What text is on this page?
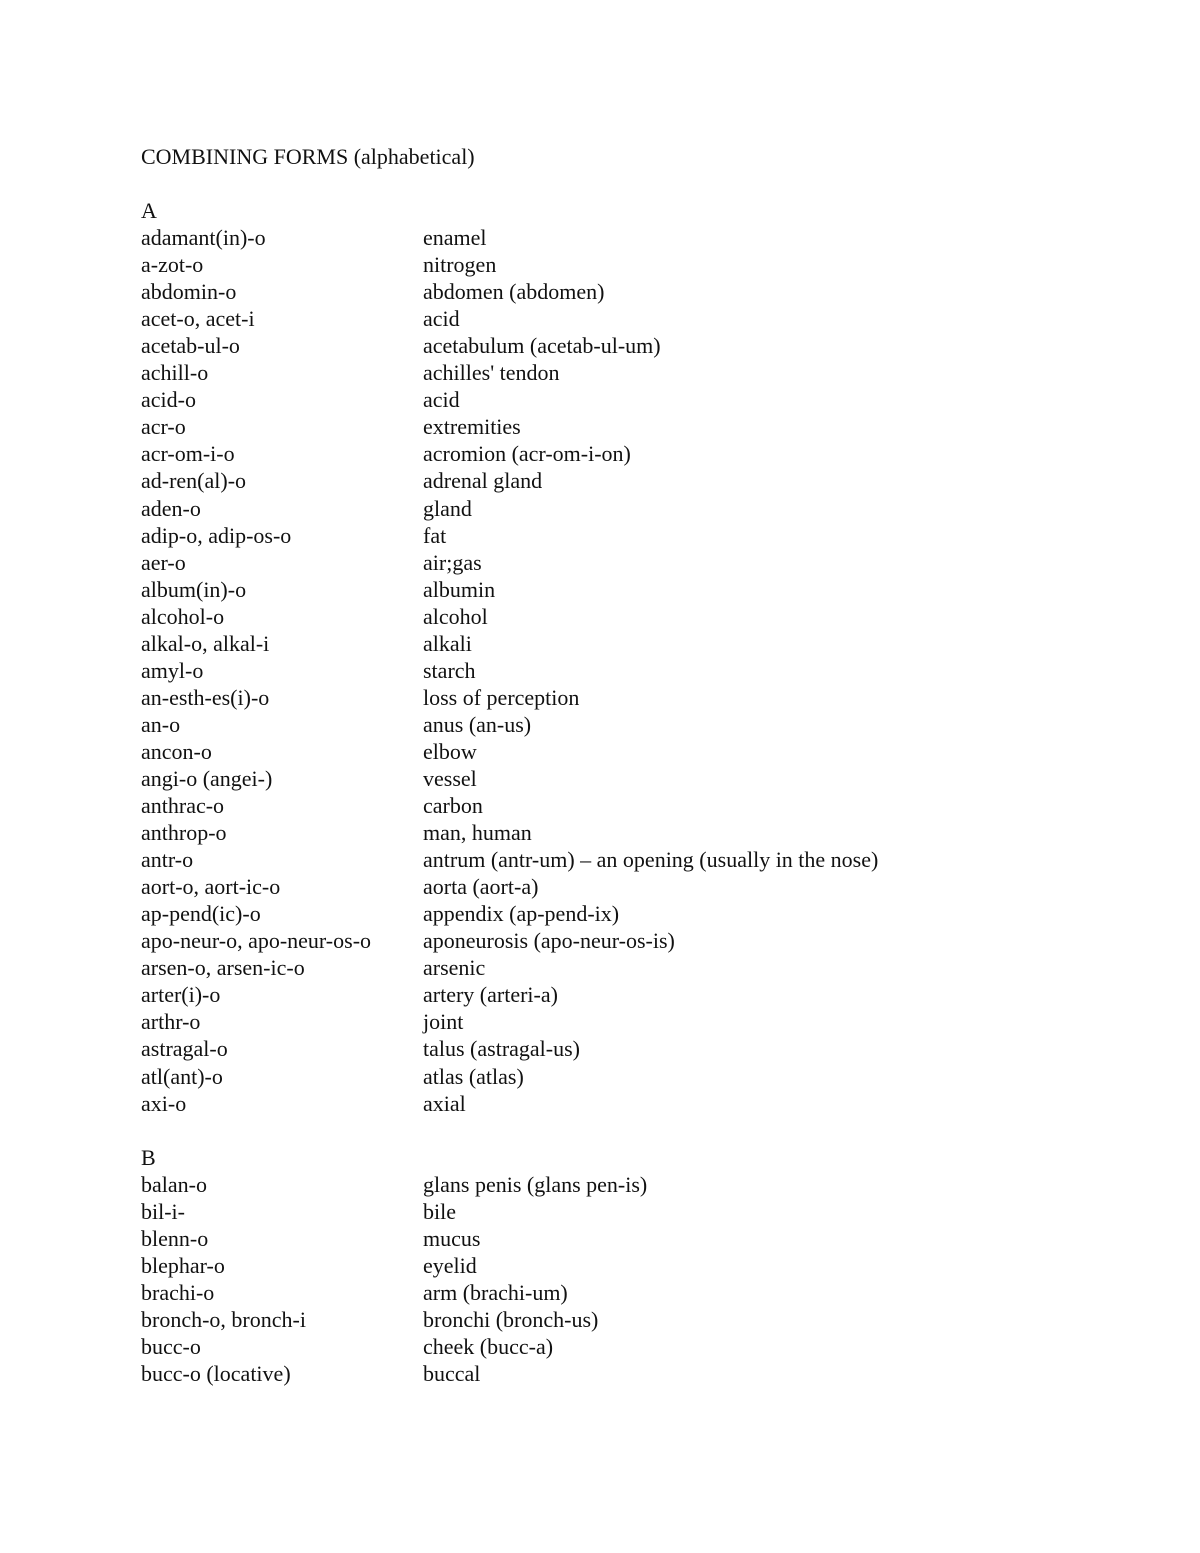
COMBINING FORMS (alphabetical)
A
adamant(in)-o	enamel
a-zot-o	nitrogen
abdomin-o	abdomen (abdomen)
acet-o, acet-i	acid
acetab-ul-o	acetabulum (acetab-ul-um)
achill-o	achilles' tendon
acid-o	acid
acr-o	extremities
acr-om-i-o	acromion (acr-om-i-on)
ad-ren(al)-o	adrenal gland
aden-o	gland
adip-o, adip-os-o	fat
aer-o	air;gas
album(in)-o	albumin
alcohol-o	alcohol
alkal-o, alkal-i	alkali
amyl-o	starch
an-esth-es(i)-o	loss of perception
an-o	anus (an-us)
ancon-o	elbow
angi-o (angei-)	vessel
anthrac-o	carbon
anthrop-o	man, human
antr-o	antrum (antr-um) – an opening (usually in the nose)
aort-o, aort-ic-o	aorta (aort-a)
ap-pend(ic)-o	appendix (ap-pend-ix)
apo-neur-o, apo-neur-os-o	aponeurosis (apo-neur-os-is)
arsen-o, arsen-ic-o	arsenic
arter(i)-o	artery (arteri-a)
arthr-o	joint
astragal-o	talus (astragal-us)
atl(ant)-o	atlas (atlas)
axi-o	axial
B
balan-o	glans penis (glans pen-is)
bil-i-	bile
blenn-o	mucus
blephar-o	eyelid
brachi-o	arm (brachi-um)
bronch-o, bronch-i	bronchi (bronch-us)
bucc-o	cheek (bucc-a)
bucc-o (locative)	buccal
